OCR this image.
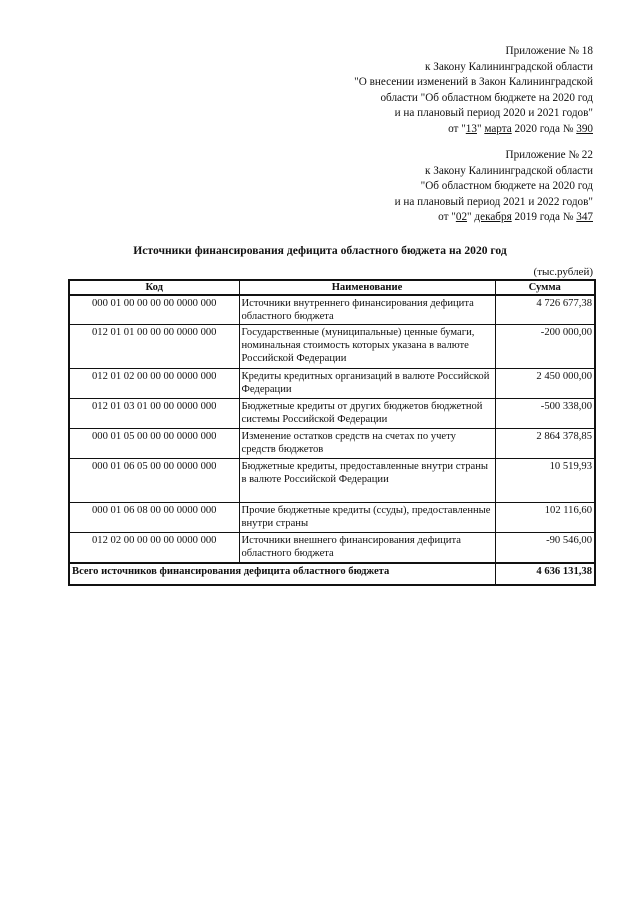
Приложение № 18
к Закону Калининградской области
"О внесении изменений в Закон Калининградской
области "Об областном бюджете на 2020 год
и на плановый период 2020 и 2021 годов"
от "13" марта 2020 года № 390
Приложение № 22
к Закону Калининградской области
"Об областном бюджете на 2020 год
и на плановый период 2021 и 2022 годов"
от "02" декабря 2019 года № 347
Источники финансирования дефицита областного бюджета на 2020 год
(тыс.рублей)
Код	Наименование	Сумма
000 01 00 00 00 00 0000 000	Источники внутреннего финансирования дефицита областного бюджета	4 726 677,38
012 01 01 00 00 00 0000 000	Государственные (муниципальные) ценные бумаги, номинальная стоимость которых указана в валюте Российской Федерации	-200 000,00
012 01 02 00 00 00 0000 000	Кредиты кредитных организаций в валюте Российской Федерации	2 450 000,00
012 01 03 01 00 00 0000 000	Бюджетные кредиты от других бюджетов бюджетной системы Российской Федерации	-500 338,00
000 01 05 00 00 00 0000 000	Изменение остатков средств на счетах по учету средств бюджетов	2 864 378,85
000 01 06 05 00 00 0000 000	Бюджетные кредиты, предоставленные внутри страны в валюте Российской Федерации	10 519,93
000 01 06 08 00 00 0000 000	Прочие бюджетные кредиты (ссуды), предоставленные внутри страны	102 116,60
012 02 00 00 00 00 0000 000	Источники внешнего финансирования дефицита областного бюджета	-90 546,00
Всего источников финансирования дефицита областного бюджета		4 636 131,38
